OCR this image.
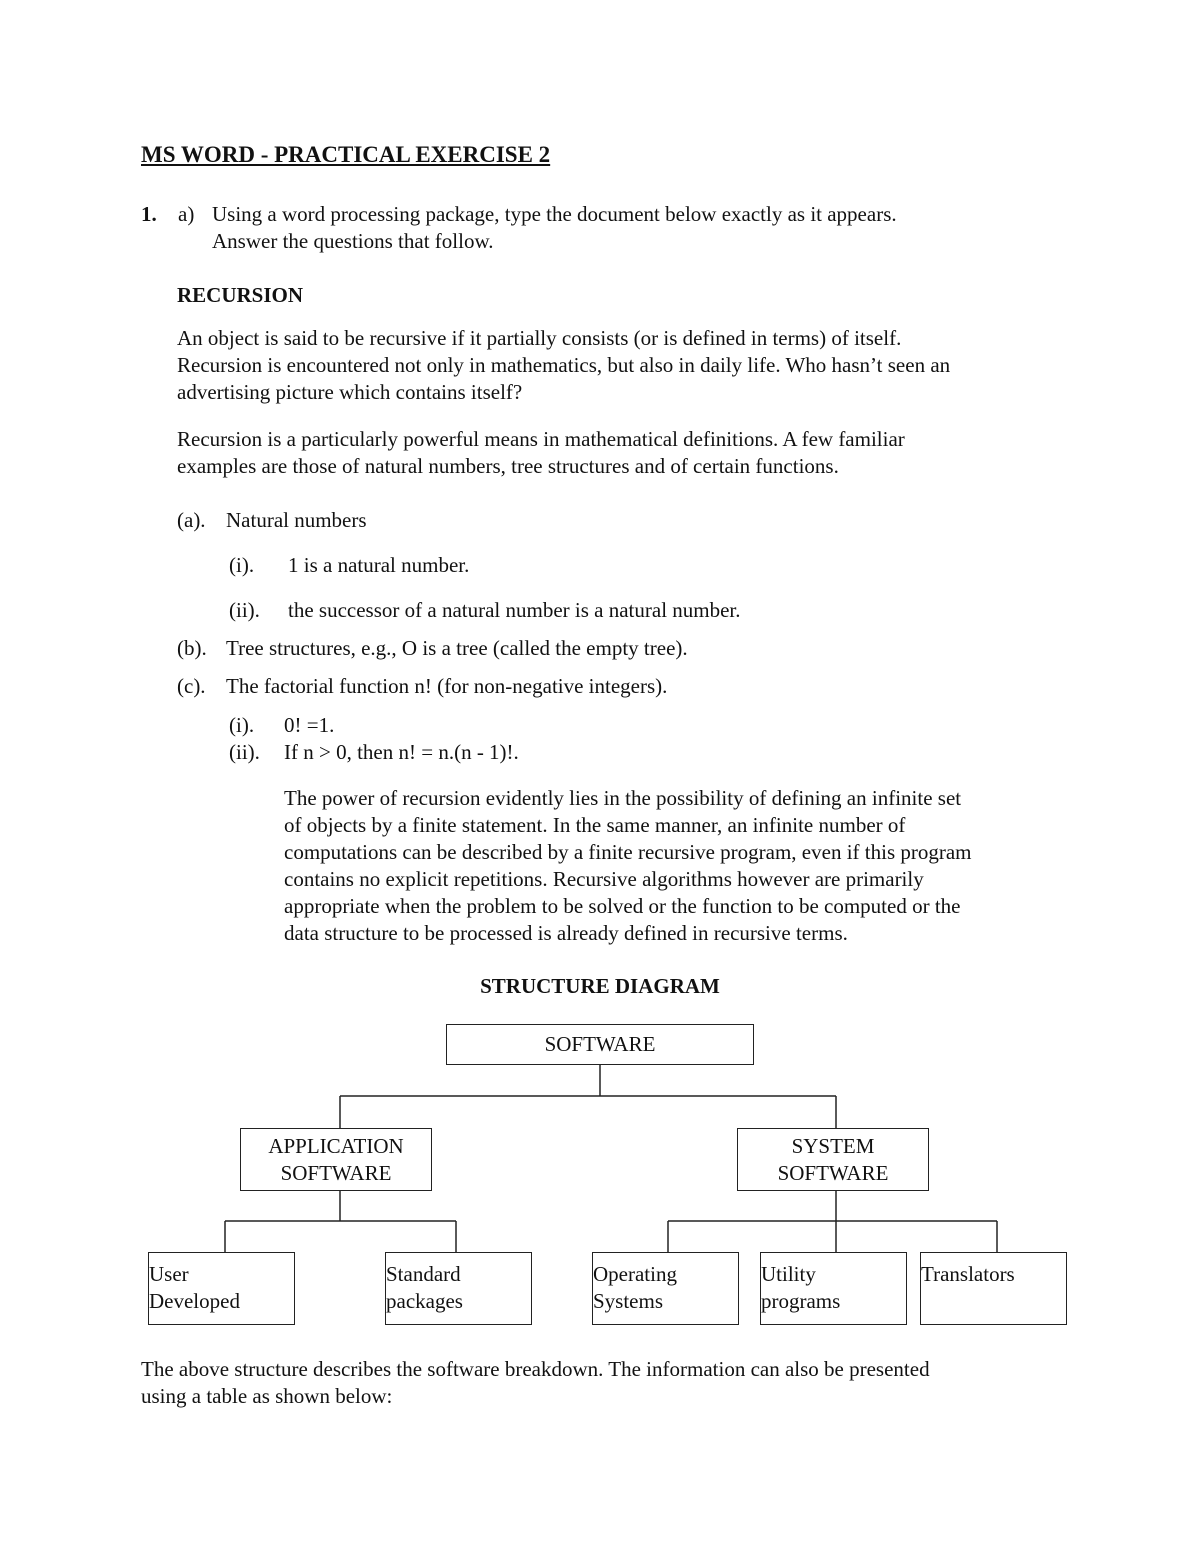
MS WORD - PRACTICAL EXERCISE 2
1. a) Using a word processing package, type the document below exactly as it appears.
Answer the questions that follow.
RECURSION
An object is said to be recursive if it partially consists (or is defined in terms) of itself.
Recursion is encountered not only in mathematics, but also in daily life. Who hasn’t seen an
advertising picture which contains itself?
Recursion is a particularly powerful means in mathematical definitions. A few familiar
examples are those of natural numbers, tree structures and of certain functions.
(a). Natural numbers
(i). 1 is a natural number.
(ii). the successor of a natural number is a natural number.
(b). Tree structures, e.g., O is a tree (called the empty tree).
(c). The factorial function n! (for non-negative integers).
(i). 0! =1.
(ii). If n > 0, then n! = n.(n - 1)!.
The power of recursion evidently lies in the possibility of defining an infinite set
of objects by a finite statement. In the same manner, an infinite number of
computations can be described by a finite recursive program, even if this program
contains no explicit repetitions. Recursive algorithms however are primarily
appropriate when the problem to be solved or the function to be computed or the
data structure to be processed is already defined in recursive terms.
STRUCTURE DIAGRAM
SOFTWARE
APPLICATION
SOFTWARE
SYSTEM
SOFTWARE
User
Developed
Standard
packages
Operating
Systems
Utility
programs
Translators
The above structure describes the software breakdown. The information can also be presented
using a table as shown below:
